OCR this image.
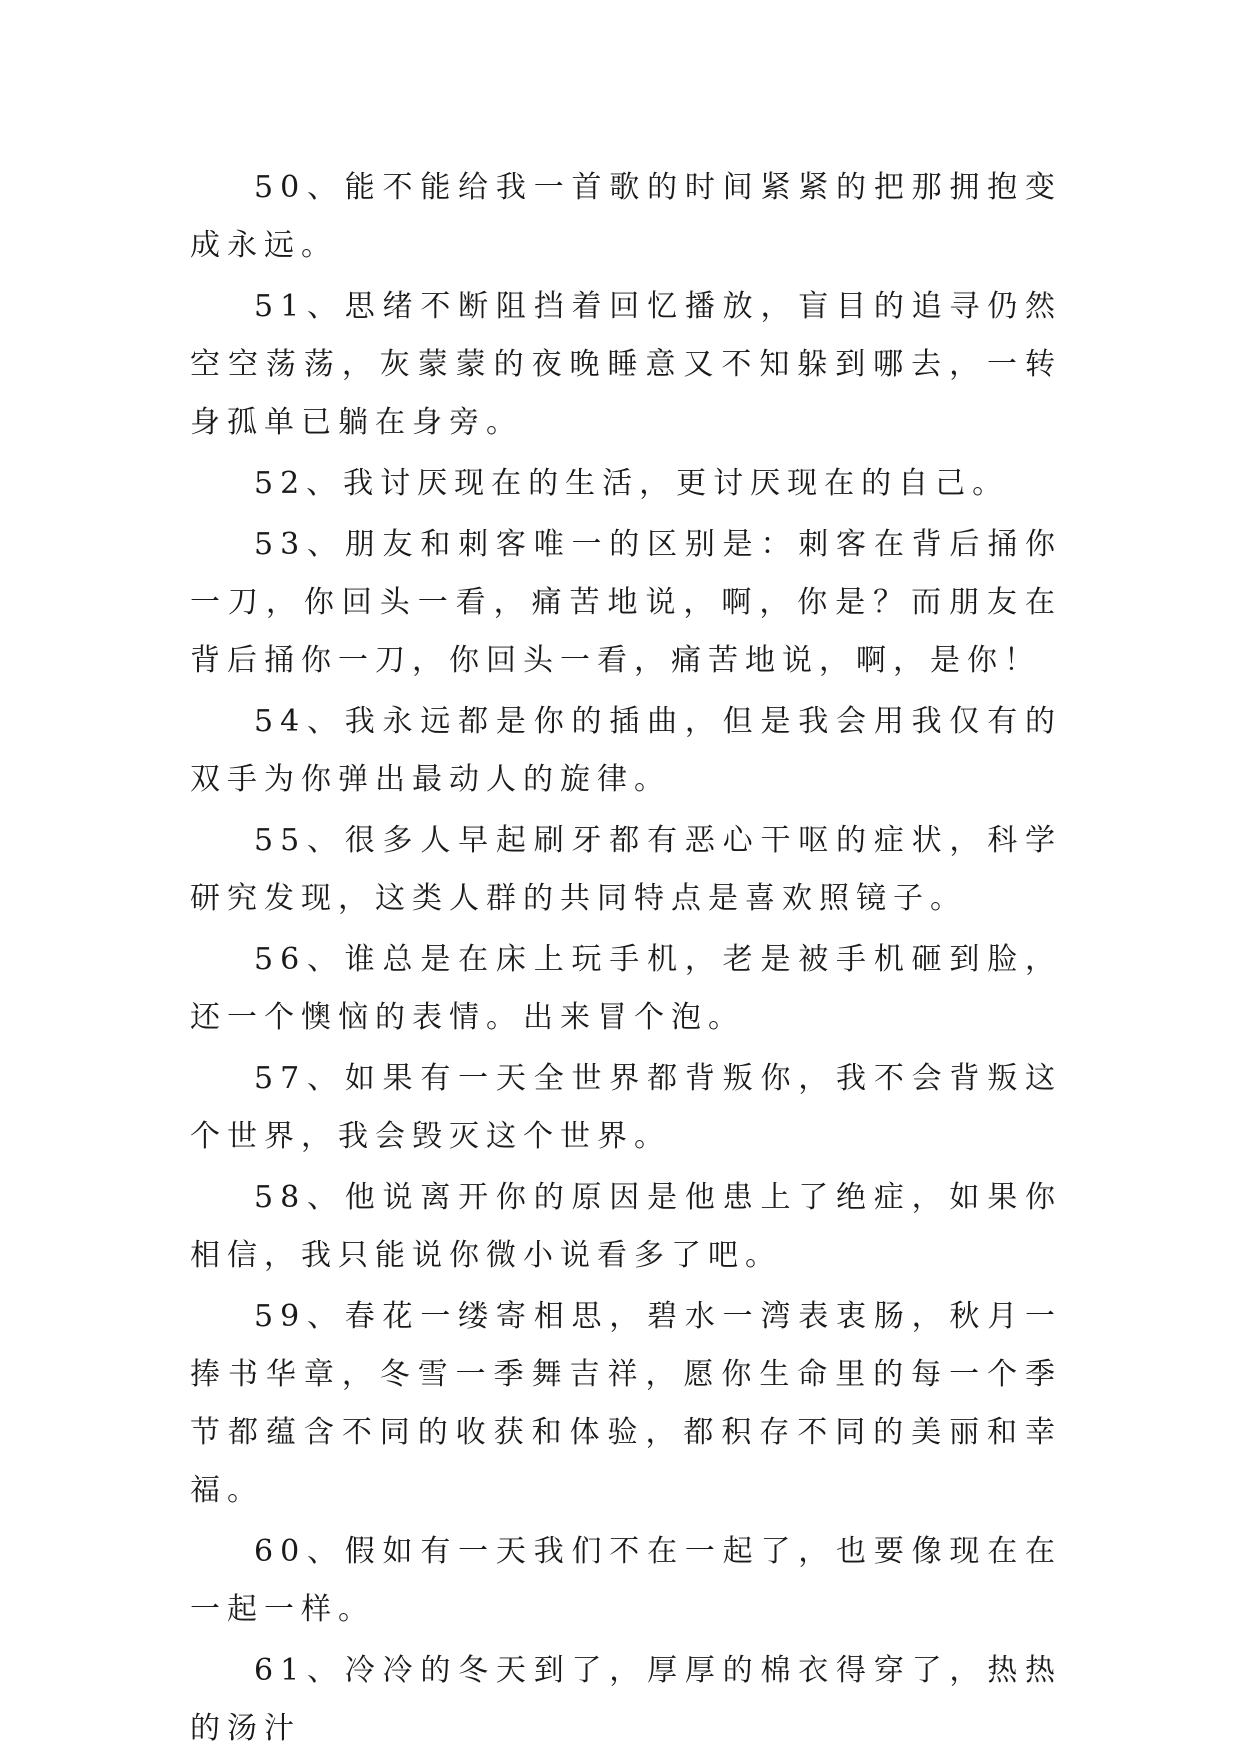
50、能不能给我一首歌的时间紧紧的把那拥抱变成永远。

51、思绪不断阻挡着回忆播放，盲目的追寻仍然空空荡荡，灰蒙蒙的夜晚睡意又不知躲到哪去，一转身孤单已躺在身旁。

52、我讨厌现在的生活，更讨厌现在的自己。

53、朋友和刺客唯一的区别是：刺客在背后捅你一刀，你回头一看，痛苦地说，啊，你是？而朋友在背后捅你一刀，你回头一看，痛苦地说，啊，是你！

54、我永远都是你的插曲，但是我会用我仅有的双手为你弹出最动人的旋律。

55、很多人早起刷牙都有恶心干呕的症状，科学研究发现，这类人群的共同特点是喜欢照镜子。

56、谁总是在床上玩手机，老是被手机砸到脸，还一个懊恼的表情。出来冒个泡。

57、如果有一天全世界都背叛你，我不会背叛这个世界，我会毁灭这个世界。

58、他说离开你的原因是他患上了绝症，如果你相信，我只能说你微小说看多了吧。

59、春花一缕寄相思，碧水一湾表衷肠，秋月一捧书华章，冬雪一季舞吉祥，愿你生命里的每一个季节都蕴含不同的收获和体验，都积存不同的美丽和幸福。

60、假如有一天我们不在一起了，也要像现在在一起一样。

61、冷冷的冬天到了，厚厚的棉衣得穿了，热热的汤汁
